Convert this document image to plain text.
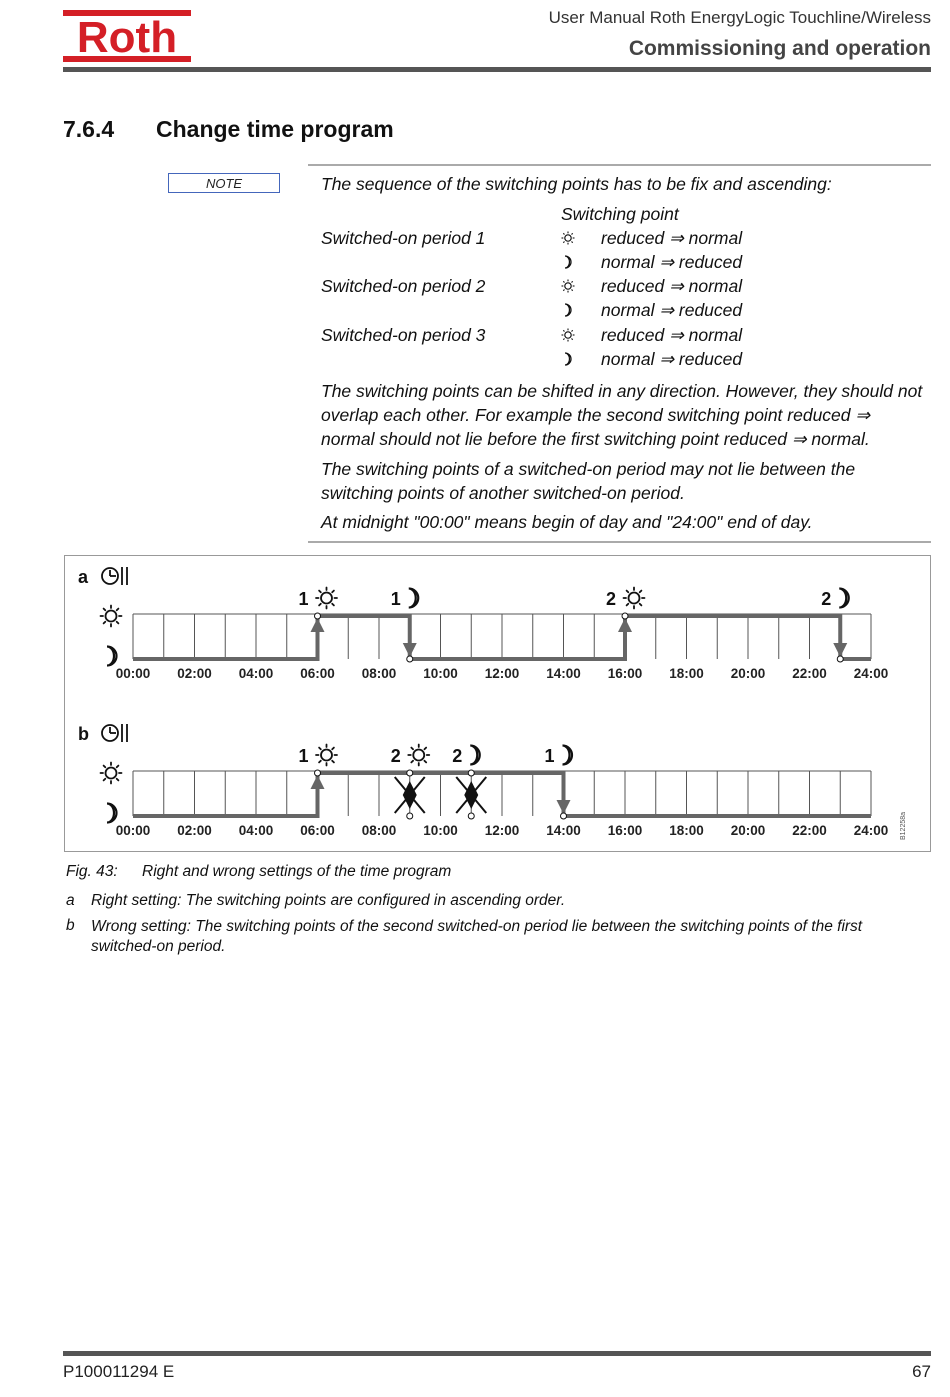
Roth	User Manual Roth EnergyLogic Touchline/Wireless
Commissioning and operation
7.6.4 Change time program
NOTE	The sequence of the switching points has to be fix and ascending:
Switching point
Switched-on period 1	reduced ⇒ normal
normal ⇒ reduced
Switched-on period 2	reduced ⇒ normal
normal ⇒ reduced
Switched-on period 3	reduced ⇒ normal
normal ⇒ reduced
The switching points can be shifted in any direction. However, they should not overlap each other. For example the second switching point reduced ⇒ normal should not lie before the first switching point reduced ⇒ normal.
The switching points of a switched-on period may not lie between the switching points of another switched-on period.
At midnight "00:00" means begin of day and "24:00" end of day.
a
00:00 02:00 04:00 06:00 08:00 10:00 12:00 14:00 16:00 18:00 20:00 22:00 24:00
1	1	2	2
b
00:00 02:00 04:00 06:00 08:00 10:00 12:00 14:00 16:00 18:00 20:00 22:00 24:00
1	2	2	1
B12258a
Fig. 43: Right and wrong settings of the time program
a Right setting: The switching points are configured in ascending order.
b Wrong setting: The switching points of the second switched-on period lie between the switching points of the first switched-on period.
P100011294 E	67
